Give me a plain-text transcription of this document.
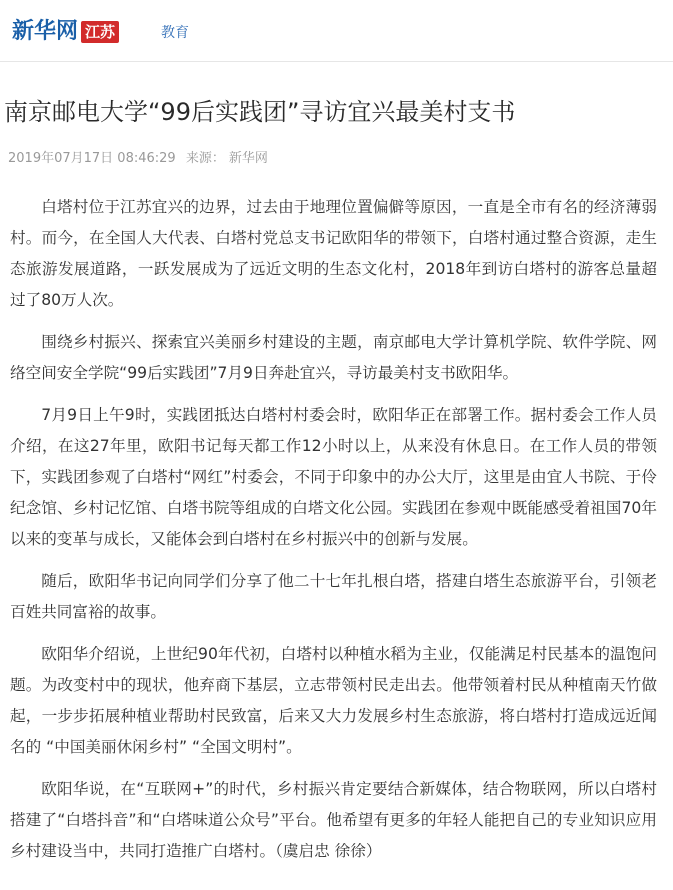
新华网 江苏	教育
南京邮电大学“99后实践团”寻访宜兴最美村支书
2019年07月17日 08:46:29 来源： 新华网

白塔村位于江苏宜兴的边界，过去由于地理位置偏僻等原因，一直是全市有名的经济薄弱村。而今，在全国人大代表、白塔村党总支书记欧阳华的带领下，白塔村通过整合资源，走生态旅游发展道路，一跃发展成为了远近文明的生态文化村，2018年到访白塔村的游客总量超过了80万人次。

围绕乡村振兴、探索宜兴美丽乡村建设的主题，南京邮电大学计算机学院、软件学院、网络空间安全学院“99后实践团”7月9日奔赴宜兴，寻访最美村支书欧阳华。

7月9日上午9时，实践团抵达白塔村村委会时，欧阳华正在部署工作。据村委会工作人员介绍，在这27年里，欧阳书记每天都工作12小时以上，从来没有休息日。在工作人员的带领下，实践团参观了白塔村“网红”村委会，不同于印象中的办公大厅，这里是由宜人书院、于伶纪念馆、乡村记忆馆、白塔书院等组成的白塔文化公园。实践团在参观中既能感受着祖国70年以来的变革与成长，又能体会到白塔村在乡村振兴中的创新与发展。

随后，欧阳华书记向同学们分享了他二十七年扎根白塔，搭建白塔生态旅游平台，引领老百姓共同富裕的故事。

欧阳华介绍说，上世纪90年代初，白塔村以种植水稻为主业，仅能满足村民基本的温饱问题。为改变村中的现状，他弃商下基层，立志带领村民走出去。他带领着村民从种植南天竹做起，一步步拓展种植业帮助村民致富，后来又大力发展乡村生态旅游，将白塔村打造成远近闻名的 “中国美丽休闲乡村” “全国文明村”。

欧阳华说，在“互联网+”的时代，乡村振兴肯定要结合新媒体，结合物联网，所以白塔村搭建了“白塔抖音”和“白塔味道公众号”平台。他希望有更多的年轻人能把自己的专业知识应用乡村建设当中，共同打造推广白塔村。（虞启忠 徐徐）
